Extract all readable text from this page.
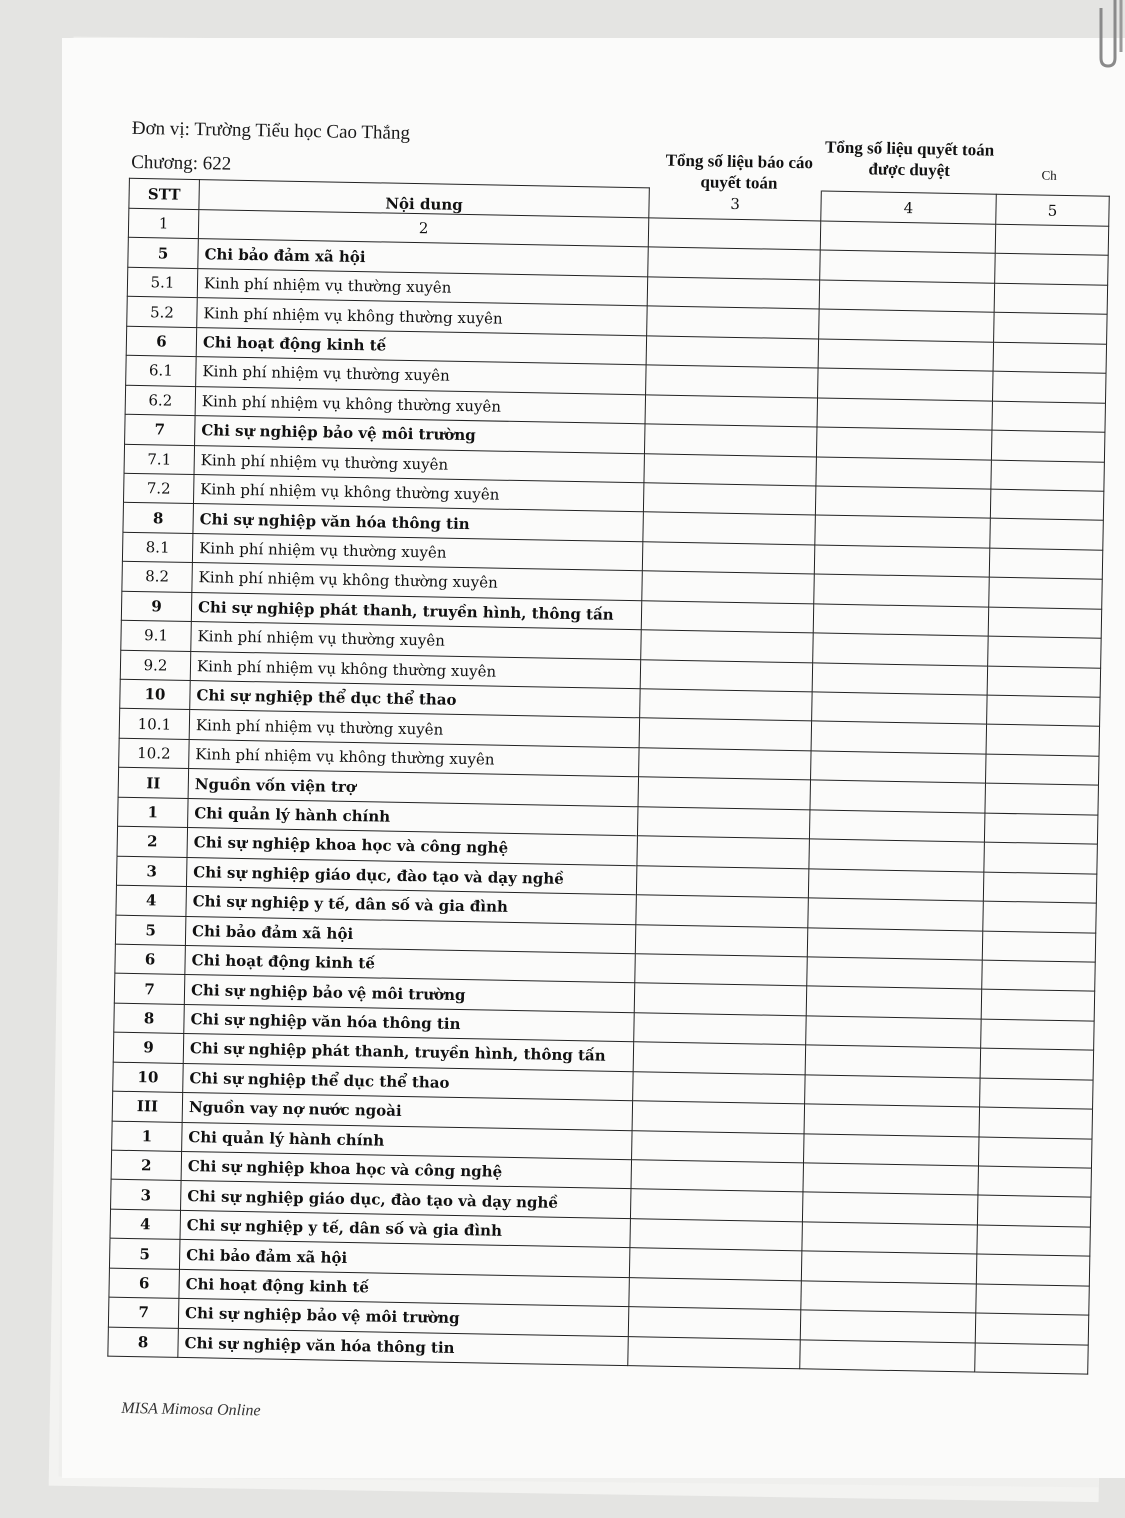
Đơn vị: Trường Tiểu học Cao Thắng
Chương: 622	Tổng số liệu báo cáo quyết toán
Tổng số liệu quyết toán được duyệt	Ch
STT	Nội dung	3	4	5
1	2			
5	Chi bảo đảm xã hội			
5.1	Kinh phí nhiệm vụ thường xuyên			
5.2	Kinh phí nhiệm vụ không thường xuyên			
6	Chi hoạt động kinh tế			
6.1	Kinh phí nhiệm vụ thường xuyên			
6.2	Kinh phí nhiệm vụ không thường xuyên			
7	Chi sự nghiệp bảo vệ môi trường			
7.1	Kinh phí nhiệm vụ thường xuyên			
7.2	Kinh phí nhiệm vụ không thường xuyên			
8	Chi sự nghiệp văn hóa thông tin			
8.1	Kinh phí nhiệm vụ thường xuyên			
8.2	Kinh phí nhiệm vụ không thường xuyên			
9	Chi sự nghiệp phát thanh, truyền hình, thông tấn			
9.1	Kinh phí nhiệm vụ thường xuyên			
9.2	Kinh phí nhiệm vụ không thường xuyên			
10	Chi sự nghiệp thể dục thể thao			
10.1	Kinh phí nhiệm vụ thường xuyên			
10.2	Kinh phí nhiệm vụ không thường xuyên			
II	Nguồn vốn viện trợ			
1	Chi quản lý hành chính			
2	Chi sự nghiệp khoa học và công nghệ			
3	Chi sự nghiệp giáo dục, đào tạo và dạy nghề			
4	Chi sự nghiệp y tế, dân số và gia đình			
5	Chi bảo đảm xã hội			
6	Chi hoạt động kinh tế			
7	Chi sự nghiệp bảo vệ môi trường			
8	Chi sự nghiệp văn hóa thông tin			
9	Chi sự nghiệp phát thanh, truyền hình, thông tấn			
10	Chi sự nghiệp thể dục thể thao			
III	Nguồn vay nợ nước ngoài			
1	Chi quản lý hành chính			
2	Chi sự nghiệp khoa học và công nghệ			
3	Chi sự nghiệp giáo dục, đào tạo và dạy nghề			
4	Chi sự nghiệp y tế, dân số và gia đình			
5	Chi bảo đảm xã hội			
6	Chi hoạt động kinh tế			
7	Chi sự nghiệp bảo vệ môi trường			
8	Chi sự nghiệp văn hóa thông tin			
MISA Mimosa Online
